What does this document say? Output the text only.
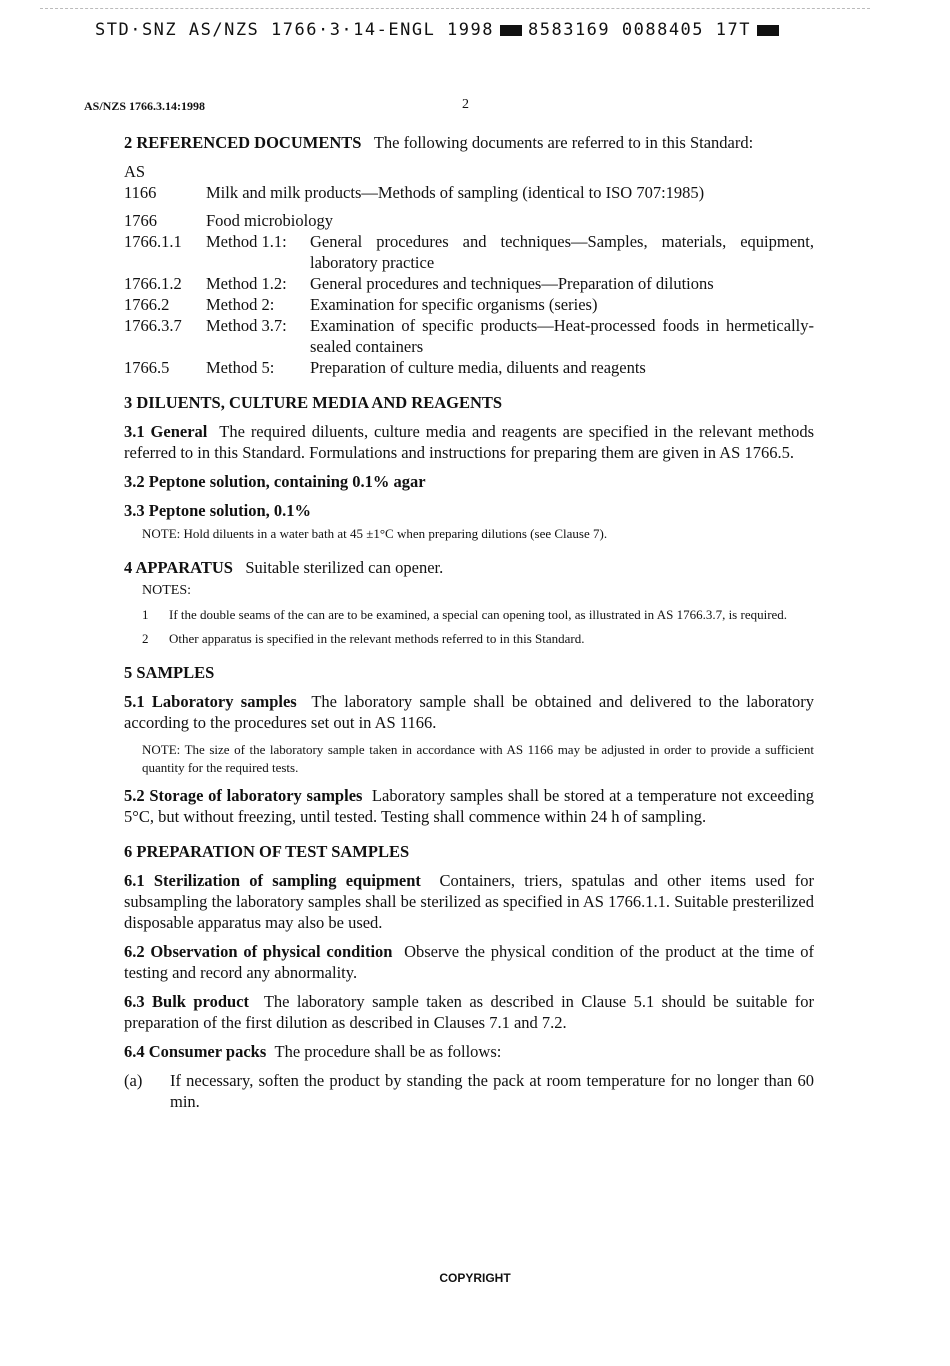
STD·SNZ AS/NZS 1766·3·14-ENGL 1998 8583169 0088405 17T
AS/NZS 1766.3.14:1998	2

2 REFERENCED DOCUMENTS The following documents are referred to in this Standard:

AS
1166	Milk and milk products—Methods of sampling (identical to ISO 707:1985)
1766	Food microbiology
1766.1.1	Method 1.1:	General procedures and techniques—Samples, materials, equipment, laboratory practice
1766.1.2	Method 1.2:	General procedures and techniques—Preparation of dilutions
1766.2	Method 2:	Examination for specific organisms (series)
1766.3.7	Method 3.7:	Examination of specific products—Heat-processed foods in hermetically-sealed containers
1766.5	Method 5:	Preparation of culture media, diluents and reagents
3 DILUENTS, CULTURE MEDIA AND REAGENTS

3.1 General The required diluents, culture media and reagents are specified in the relevant methods referred to in this Standard. Formulations and instructions for preparing them are given in AS 1766.5.

3.2 Peptone solution, containing 0.1% agar
3.3 Peptone solution, 0.1%
NOTE: Hold diluents in a water bath at 45 ±1°C when preparing dilutions (see Clause 7).

4 APPARATUS Suitable sterilized can opener.

NOTES:
1	If the double seams of the can are to be examined, a special can opening tool, as illustrated in AS 1766.3.7, is required.
2	Other apparatus is specified in the relevant methods referred to in this Standard.
5 SAMPLES

5.1 Laboratory samples The laboratory sample shall be obtained and delivered to the laboratory according to the procedures set out in AS 1166.

NOTE: The size of the laboratory sample taken in accordance with AS 1166 may be adjusted in order to provide a sufficient quantity for the required tests.

5.2 Storage of laboratory samples Laboratory samples shall be stored at a temperature not exceeding 5°C, but without freezing, until tested. Testing shall commence within 24 h of sampling.

6 PREPARATION OF TEST SAMPLES

6.1 Sterilization of sampling equipment Containers, triers, spatulas and other items used for subsampling the laboratory samples shall be sterilized as specified in AS 1766.1.1. Suitable presterilized disposable apparatus may also be used.

6.2 Observation of physical condition Observe the physical condition of the product at the time of testing and record any abnormality.

6.3 Bulk product The laboratory sample taken as described in Clause 5.1 should be suitable for preparation of the first dilution as described in Clauses 7.1 and 7.2.

6.4 Consumer packs The procedure shall be as follows:

(a)	If necessary, soften the product by standing the pack at room temperature for no longer than 60 min.
COPYRIGHT
